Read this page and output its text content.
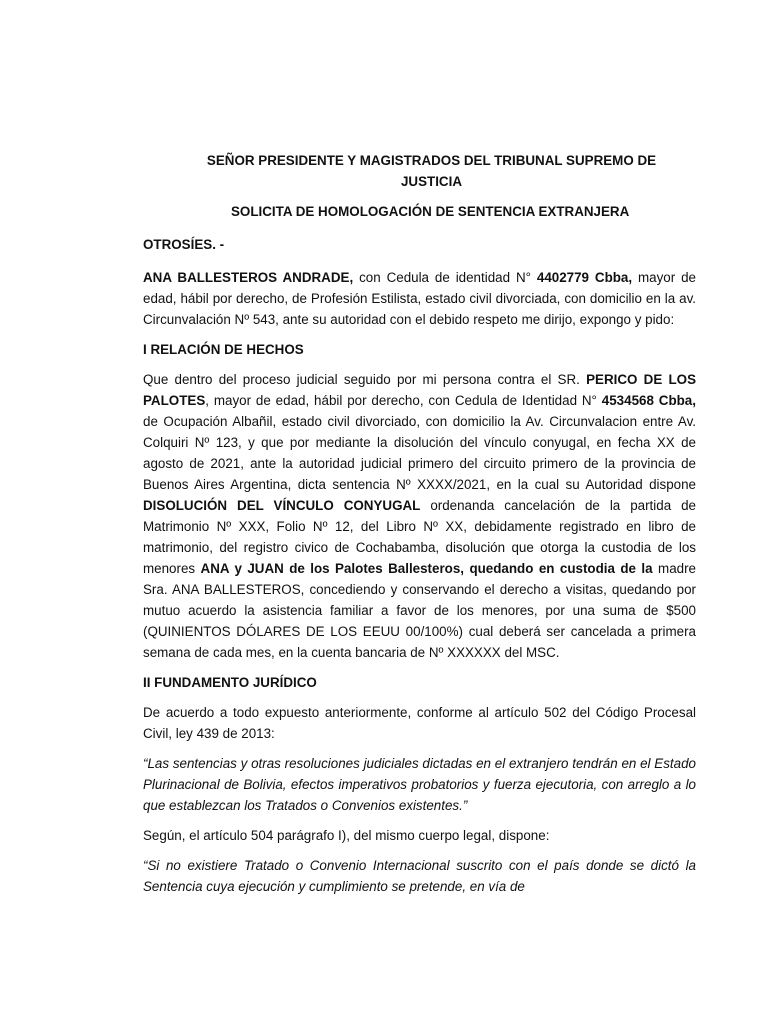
SEÑOR PRESIDENTE Y MAGISTRADOS DEL TRIBUNAL SUPREMO DE
JUSTICIA

SOLICITA DE HOMOLOGACIÓN DE SENTENCIA EXTRANJERA

OTROSÍES. -

ANA BALLESTEROS ANDRADE, con Cedula de identidad N° 4402779 Cbba, mayor de edad, hábil por derecho, de Profesión Estilista, estado civil divorciada, con domicilio en la av. Circunvalación Nº 543, ante su autoridad con el debido respeto me dirijo, expongo y pido:

I RELACIÓN DE HECHOS

Que dentro del proceso judicial seguido por mi persona contra el SR. PERICO DE LOS PALOTES, mayor de edad, hábil por derecho, con Cedula de Identidad N° 4534568 Cbba, de Ocupación Albañil, estado civil divorciado, con domicilio la Av. Circunvalacion entre Av. Colquiri Nº 123, y que por mediante la disolución del vínculo conyugal, en fecha XX de agosto de 2021, ante la autoridad judicial primero del circuito primero de la provincia de Buenos Aires Argentina, dicta sentencia Nº XXXX/2021, en la cual su Autoridad dispone DISOLUCIÓN DEL VÍNCULO CONYUGAL ordenanda cancelación de la partida de Matrimonio Nº XXX, Folio Nº 12, del Libro Nº XX, debidamente registrado en libro de matrimonio, del registro civico de Cochabamba, disolución que otorga la custodia de los menores ANA y JUAN de los Palotes Ballesteros, quedando en custodia de la madre Sra. ANA BALLESTEROS, concediendo y conservando el derecho a visitas, quedando por mutuo acuerdo la asistencia familiar a favor de los menores, por una suma de $500 (QUINIENTOS DÓLARES DE LOS EEUU 00/100%) cual deberá ser cancelada a primera semana de cada mes, en la cuenta bancaria de Nº XXXXXX del MSC.

II FUNDAMENTO JURÍDICO

De acuerdo a todo expuesto anteriormente, conforme al artículo 502 del Código Procesal Civil, ley 439 de 2013:

“Las sentencias y otras resoluciones judiciales dictadas en el extranjero tendrán en el Estado Plurinacional de Bolivia, efectos imperativos probatorios y fuerza ejecutoria, con arreglo a lo que establezcan los Tratados o Convenios existentes.”

Según, el artículo 504 parágrafo I), del mismo cuerpo legal, dispone:

“Si no existiere Tratado o Convenio Internacional suscrito con el país donde se dictó la Sentencia cuya ejecución y cumplimiento se pretende, en vía de
